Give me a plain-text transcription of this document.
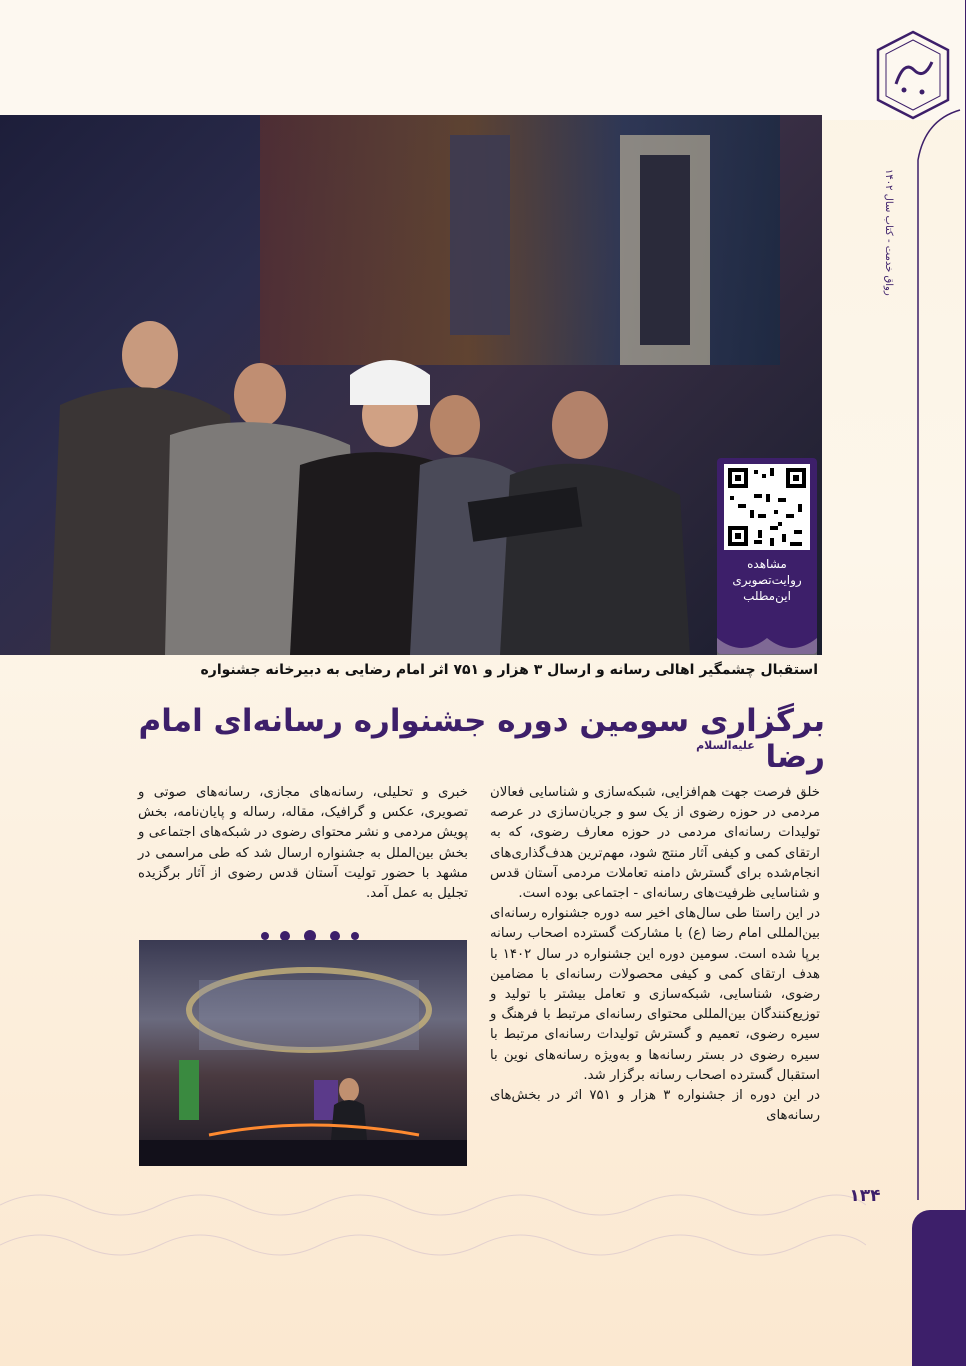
رواق خدمت - کتاب سال ۱۴۰۲
مشاهده
روایت‌تصویری
این‌مطلب
استقبال چشمگیر اهالی رسانه و ارسال ۳ هزار و ۷۵۱ اثر امام رضایی به دبیرخانه جشنواره
برگزاری سومین دوره جشنواره رسانه‌ای امام رضا $^{علیه‌السلام}$

خلق فرصت جهت هم‌افزایی، شبکه‌سازی و شناسایی فعالان مردمی در حوزه رضوی از یک سو و جریان‌سازی در عرصه تولیدات رسانه‌ای مردمی در حوزه معارف رضوی، که به ارتقای کمی و کیفی آثار منتج شود، مهم‌ترین هدف‌گذاری‌های انجام‌شده برای گسترش دامنه تعاملات مردمی آستان قدس و شناسایی ظرفیت‌های رسانه‌ای - اجتماعی بوده است.

در این راستا طی سال‌های اخیر سه دوره جشنواره رسانه‌ای بین‌المللی امام رضا (ع) با مشارکت گسترده اصحاب رسانه برپا شده است. سومین دوره این جشنواره در سال ۱۴۰۲ با هدف ارتقای کمی و کیفی محصولات رسانه‌ای با مضامین رضوی، شناسایی، شبکه‌سازی و تعامل بیشتر با تولید و توزیع‌کنندگان بین‌المللی محتوای رسانه‌ای مرتبط با فرهنگ و سیره رضوی، تعمیم و گسترش تولیدات رسانه‌ای مرتبط با سیره رضوی در بستر رسانه‌ها و به‌ویژه رسانه‌های نوین با استقبال گسترده اصحاب رسانه برگزار شد.

در این دوره از جشنواره ۳ هزار و ۷۵۱ اثر در بخش‌های رسانه‌های

خبری و تحلیلی، رسانه‌های مجازی، رسانه‌های صوتی و تصویری، عکس و گرافیک، مقاله، رساله و پایان‌نامه، بخش پویش مردمی و نشر محتوای رضوی در شبکه‌های اجتماعی و بخش بین‌الملل به جشنواره ارسال شد که طی مراسمی در مشهد با حضور تولیت آستان قدس رضوی از آثار برگزیده تجلیل به عمل آمد.

۱۳۴
